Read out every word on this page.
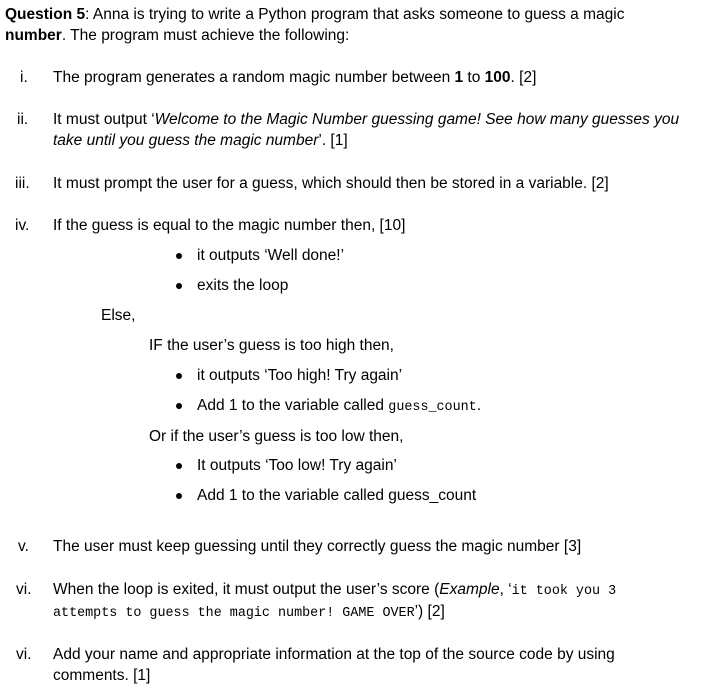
Question 5: Anna is trying to write a Python program that asks someone to guess a magic
number. The program must achieve the following:
i. The program generates a random magic number between 1 to 100. [2]
ii. It must output ‘Welcome to the Magic Number guessing game! See how many guesses you
take until you guess the magic number’. [1]
iii. It must prompt the user for a guess, which should then be stored in a variable. [2]
iv. If the guess is equal to the magic number then, [10]
it outputs ‘Well done!’
exits the loop
Else,
IF the user’s guess is too high then,
it outputs ‘Too high! Try again’
Add 1 to the variable called guess_count.
Or if the user’s guess is too low then,
It outputs ‘Too low! Try again’
Add 1 to the variable called guess_count
v. The user must keep guessing until they correctly guess the magic number [3]
vi. When the loop is exited, it must output the user’s score (Example, ‘it took you 3
attempts to guess the magic number! GAME OVER’) [2]
vi. Add your name and appropriate information at the top of the source code by using
comments. [1]
